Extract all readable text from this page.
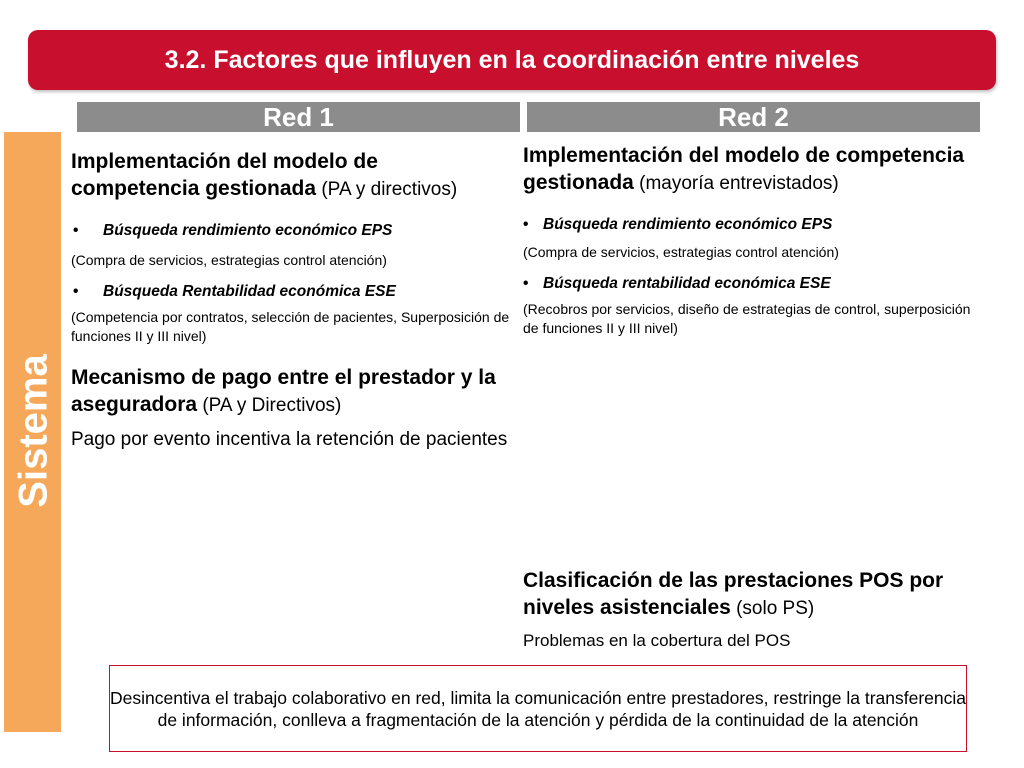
3.2. Factores que influyen en la coordinación entre niveles
Red 1	Red 2
Sistema

Implementación del modelo de competencia gestionada (PA y directivos)

• Búsqueda rendimiento económico EPS

(Compra de servicios, estrategias control atención)

• Búsqueda Rentabilidad económica ESE

(Competencia por contratos, selección de pacientes, Superposición de funciones II y III nivel)

Mecanismo de pago entre el prestador y la aseguradora (PA y Directivos)

Pago por evento incentiva la retención de pacientes

Implementación del modelo de competencia gestionada (mayoría entrevistados)

• Búsqueda rendimiento económico EPS

(Compra de servicios, estrategias control atención)

• Búsqueda rentabilidad económica ESE

(Recobros por servicios, diseño de estrategias de control, superposición de funciones II y III nivel)

Clasificación de las prestaciones POS por niveles asistenciales (solo PS)

Problemas en la cobertura del POS

Desincentiva el trabajo colaborativo en red, limita la comunicación entre prestadores, restringe la transferencia de información, conlleva a fragmentación de la atención y pérdida de la continuidad de la atención
